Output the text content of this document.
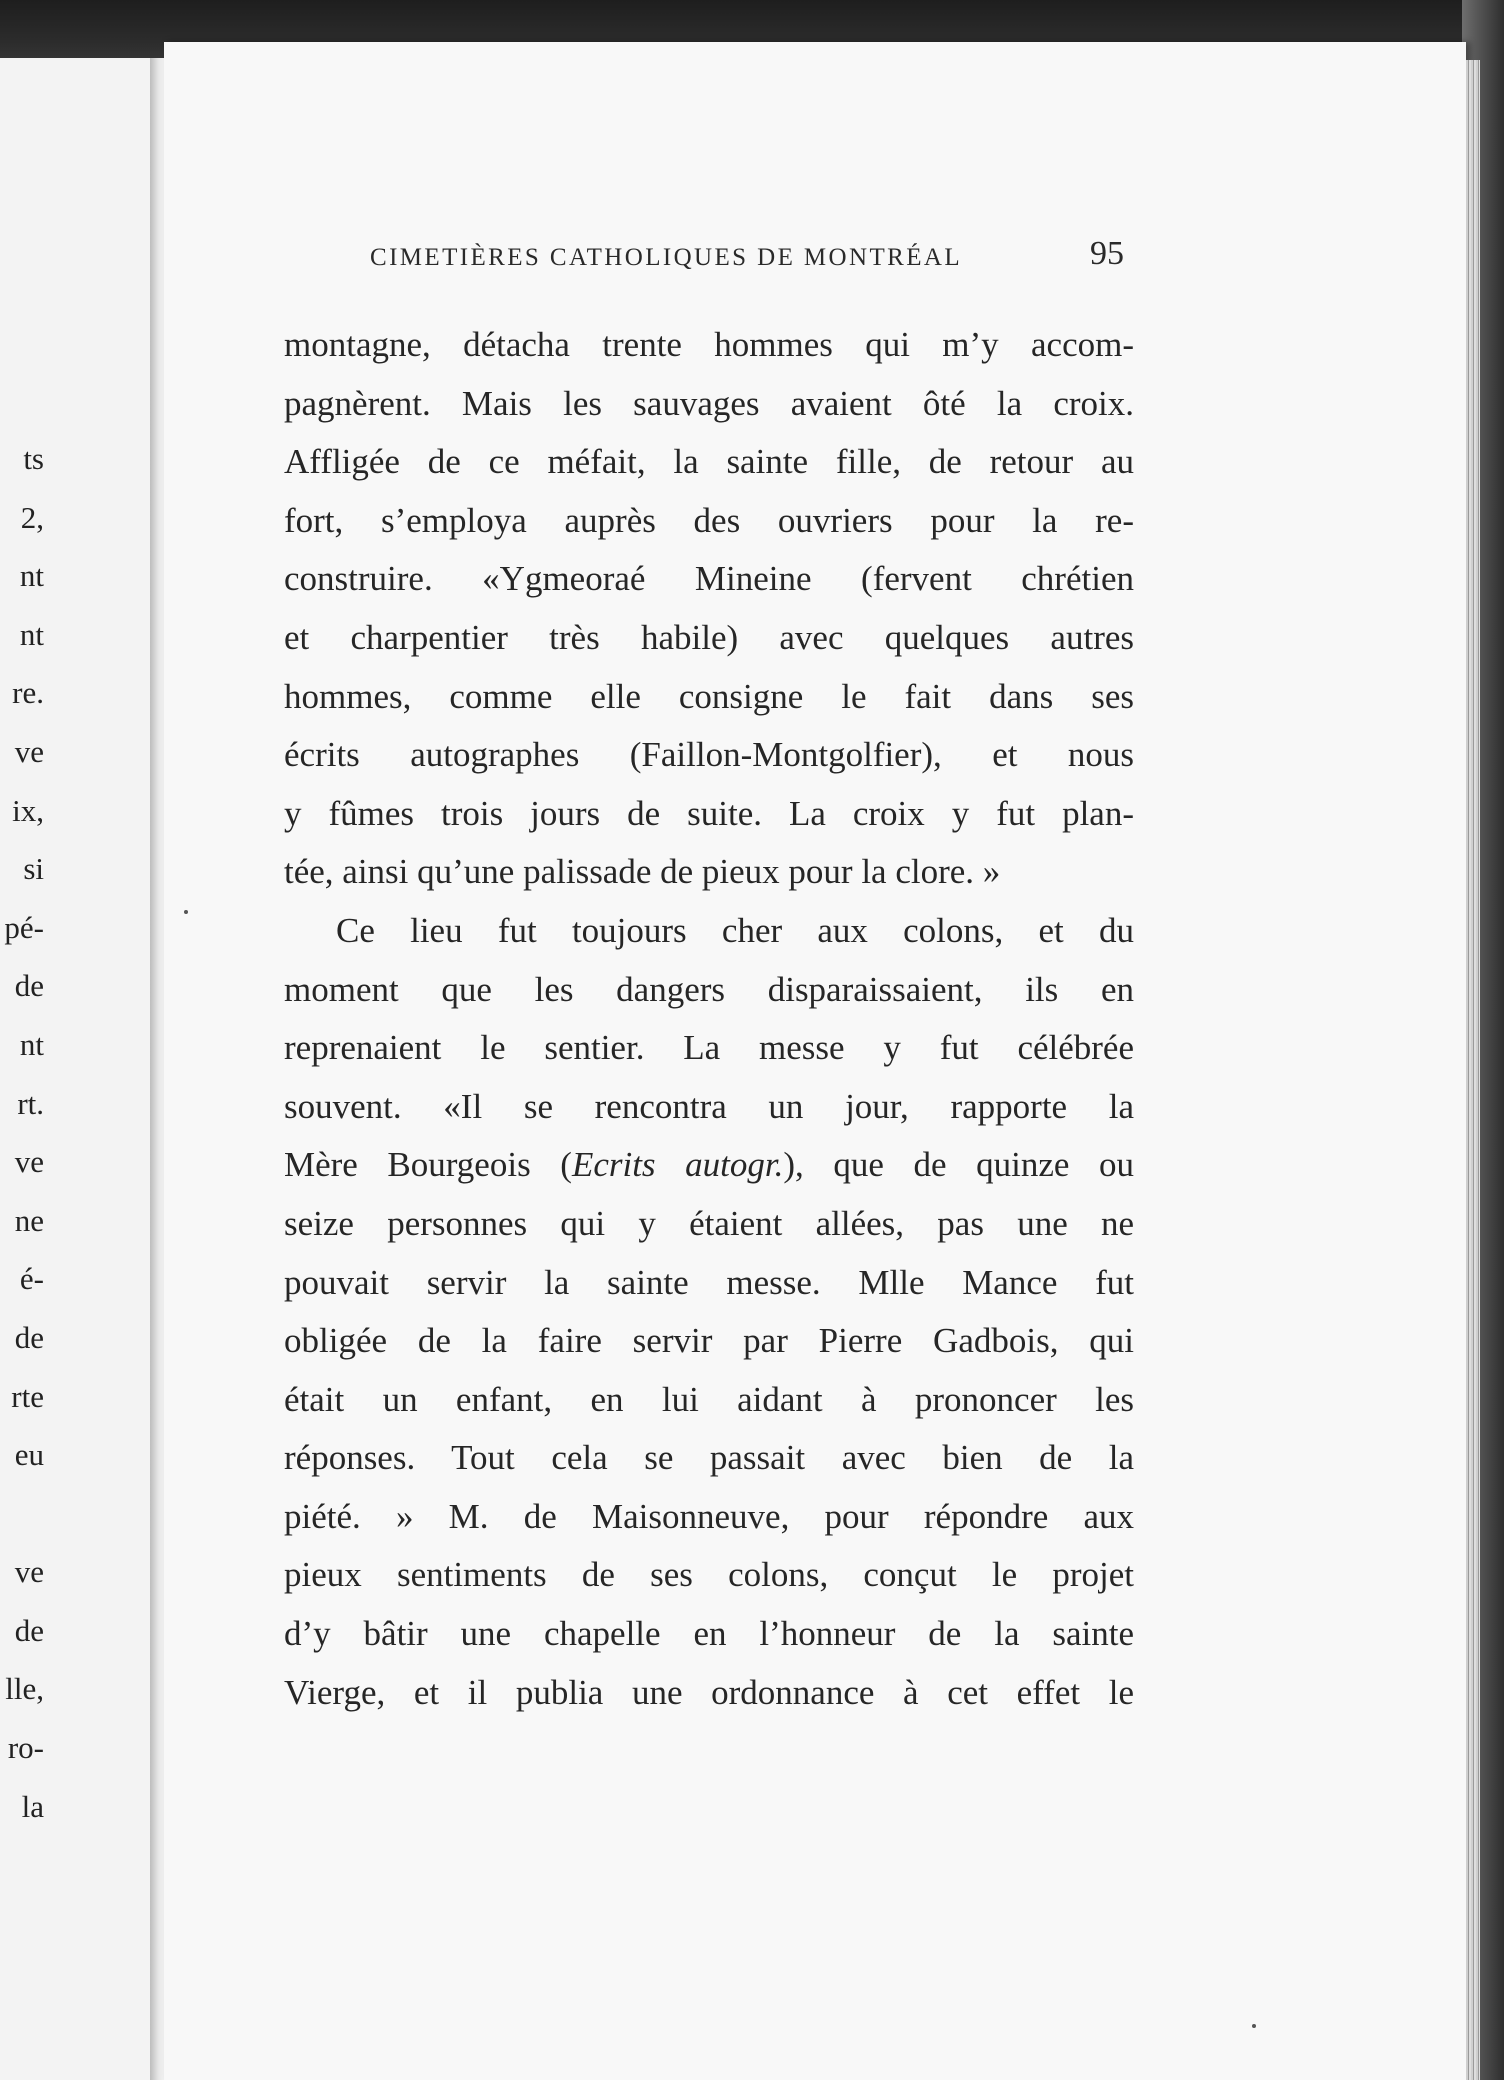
ts
2,
nt
nt
re.
ve
ix,
si
pé-
de
nt
rt.
ve
ne
é-
de
rte
eu
ve
de
lle,
ro-
la
CIMETIÈRES CATHOLIQUES DE MONTRÉAL	95
montagne, détacha trente hommes qui m’y accom-
pagnèrent. Mais les sauvages avaient ôté la croix.
Affligée de ce méfait, la sainte fille, de retour au
fort, s’employa auprès des ouvriers pour la re-
construire. «Ygmeoraé Mineine (fervent chrétien
et charpentier très habile) avec quelques autres
hommes, comme elle consigne le fait dans ses
écrits autographes (Faillon-Montgolfier), et nous
y fûmes trois jours de suite. La croix y fut plan-
tée, ainsi qu’une palissade de pieux pour la clore. »
Ce lieu fut toujours cher aux colons, et du
moment que les dangers disparaissaient, ils en
reprenaient le sentier. La messe y fut célébrée
souvent. «Il se rencontra un jour, rapporte la
Mère Bourgeois (Ecrits autogr.), que de quinze ou
seize personnes qui y étaient allées, pas une ne
pouvait servir la sainte messe. Mlle Mance fut
obligée de la faire servir par Pierre Gadbois, qui
était un enfant, en lui aidant à prononcer les
réponses. Tout cela se passait avec bien de la
piété. » M. de Maisonneuve, pour répondre aux
pieux sentiments de ses colons, conçut le projet
d’y bâtir une chapelle en l’honneur de la sainte
Vierge, et il publia une ordonnance à cet effet le
